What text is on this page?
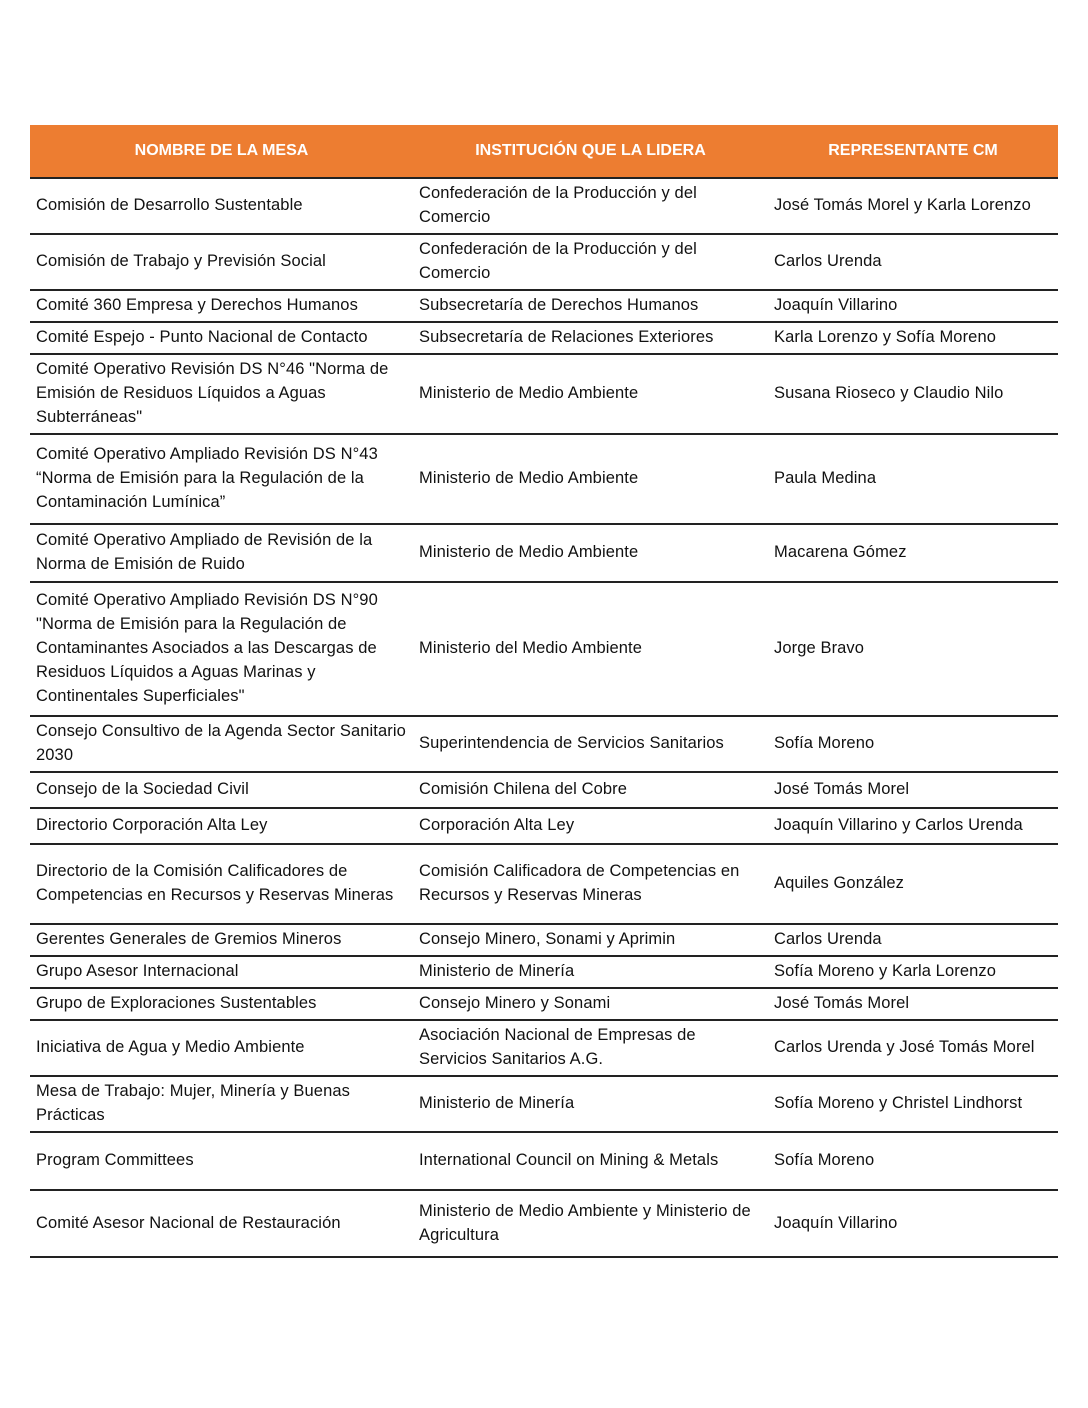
NOMBRE DE LA MESA	INSTITUCIÓN QUE LA LIDERA	REPRESENTANTE CM
Comisión de Desarrollo Sustentable	Confederación de la Producción y del Comercio	José Tomás Morel y Karla Lorenzo
Comisión de Trabajo y Previsión Social	Confederación de la Producción y del Comercio	Carlos Urenda
Comité 360 Empresa y Derechos Humanos	Subsecretaría de Derechos Humanos	Joaquín Villarino
Comité Espejo - Punto Nacional de Contacto	Subsecretaría de Relaciones Exteriores	Karla Lorenzo y Sofía Moreno
Comité Operativo Revisión DS N°46 "Norma de Emisión de Residuos Líquidos a Aguas Subterráneas"	Ministerio de Medio Ambiente	Susana Rioseco y Claudio Nilo
Comité Operativo Ampliado Revisión DS N°43 “Norma de Emisión para la Regulación de la Contaminación Lumínica”	Ministerio de Medio Ambiente	Paula Medina
Comité Operativo Ampliado de Revisión de la Norma de Emisión de Ruido	Ministerio de Medio Ambiente	Macarena Gómez
Comité Operativo Ampliado Revisión DS N°90 "Norma de Emisión para la Regulación de Contaminantes Asociados a las Descargas de Residuos Líquidos a Aguas Marinas y Continentales Superficiales"	Ministerio del Medio Ambiente	Jorge Bravo
Consejo Consultivo de la Agenda Sector Sanitario 2030	Superintendencia de Servicios Sanitarios	Sofía Moreno
Consejo de la Sociedad Civil	Comisión Chilena del Cobre	José Tomás Morel
Directorio Corporación Alta Ley	Corporación Alta Ley	Joaquín Villarino y Carlos Urenda
Directorio de la Comisión Calificadores de Competencias en Recursos y Reservas Mineras	Comisión Calificadora de Competencias en Recursos y Reservas Mineras	Aquiles González
Gerentes Generales de Gremios Mineros	Consejo Minero, Sonami y Aprimin	Carlos Urenda
Grupo Asesor Internacional	Ministerio de Minería	Sofía Moreno y Karla Lorenzo
Grupo de Exploraciones Sustentables	Consejo Minero y Sonami	José Tomás Morel
Iniciativa de Agua y Medio Ambiente	Asociación Nacional de Empresas de Servicios Sanitarios A.G.	Carlos Urenda y José Tomás Morel
Mesa de Trabajo: Mujer, Minería y Buenas Prácticas	Ministerio de Minería	Sofía Moreno y Christel Lindhorst
Program Committees	International Council on Mining & Metals	Sofía Moreno
Comité Asesor Nacional de Restauración	Ministerio de Medio Ambiente y Ministerio de Agricultura	Joaquín Villarino
